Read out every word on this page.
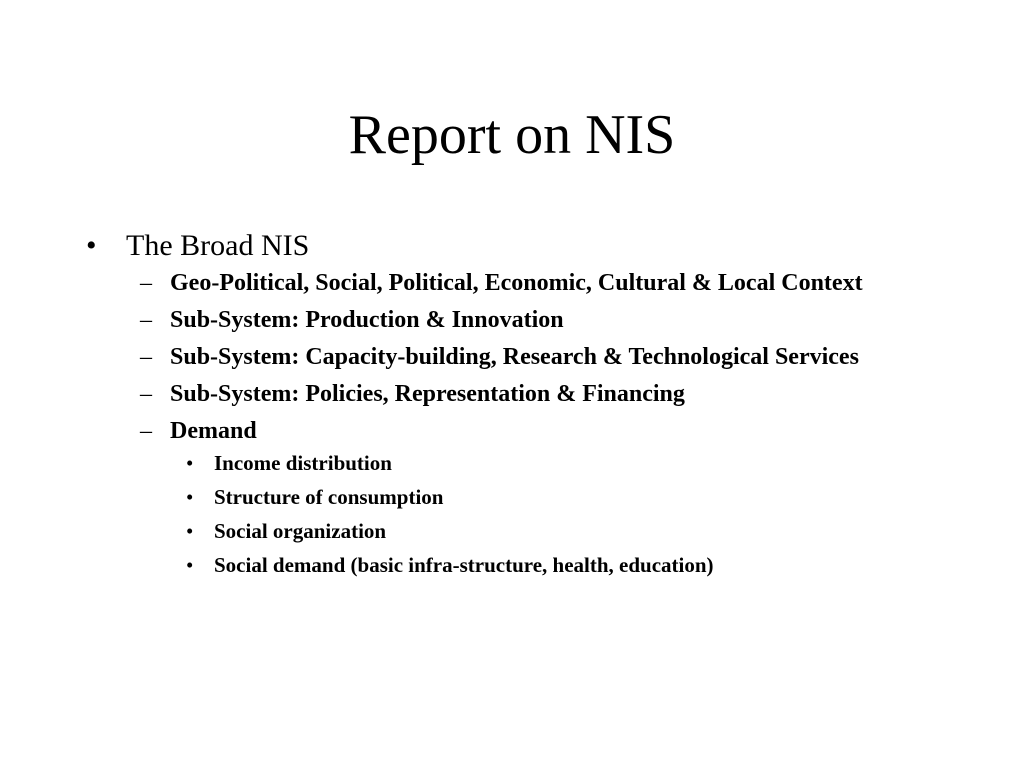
Report on NIS
• The Broad NIS
– Geo-Political, Social, Political, Economic, Cultural & Local Context
– Sub-System: Production & Innovation
– Sub-System: Capacity-building, Research & Technological Services
– Sub-System: Policies, Representation & Financing
– Demand
• Income distribution
• Structure of consumption
• Social organization
• Social demand (basic infra-structure, health, education)
